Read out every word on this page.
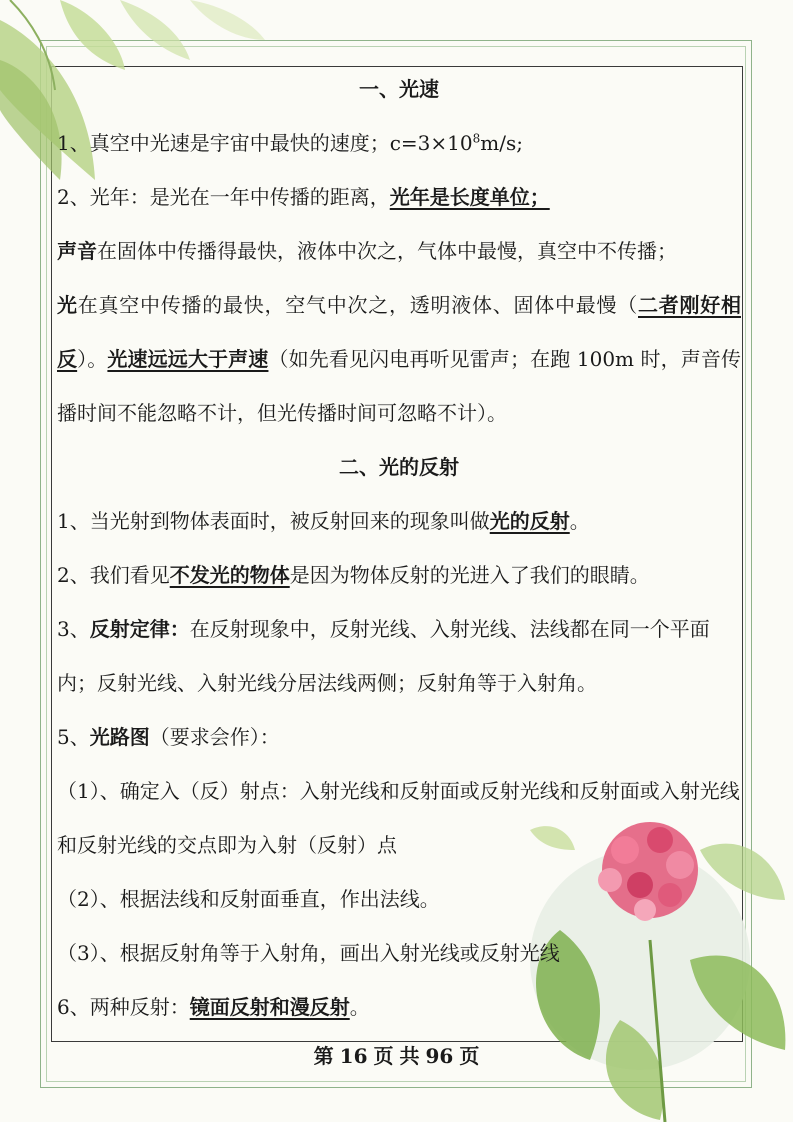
一、光速

1、真空中光速是宇宙中最快的速度；$c=3\times 10^8m/s$;

2、光年：是光在一年中传播的距离，光年是长度单位；

声音在固体中传播得最快，液体中次之，气体中最慢，真空中不传播；

光在真空中传播的最快，空气中次之，透明液体、固体中最慢（二者刚好相反）。光速远远大于声速（如先看见闪电再听见雷声；在跑 100m 时，声音传播时间不能忽略不计，但光传播时间可忽略不计）。

二、光的反射

1、当光射到物体表面时，被反射回来的现象叫做光的反射。

2、我们看见不发光的物体是因为物体反射的光进入了我们的眼睛。

3、反射定律：在反射现象中，反射光线、入射光线、法线都在同一个平面内；反射光线、入射光线分居法线两侧；反射角等于入射角。

5、光路图（要求会作）：

（1）、确定入（反）射点：入射光线和反射面或反射光线和反射面或入射光线和反射光线的交点即为入射（反射）点

（2）、根据法线和反射面垂直，作出法线。

（3）、根据反射角等于入射角，画出入射光线或反射光线

6、两种反射：镜面反射和漫反射。

第 16 页 共 96 页
